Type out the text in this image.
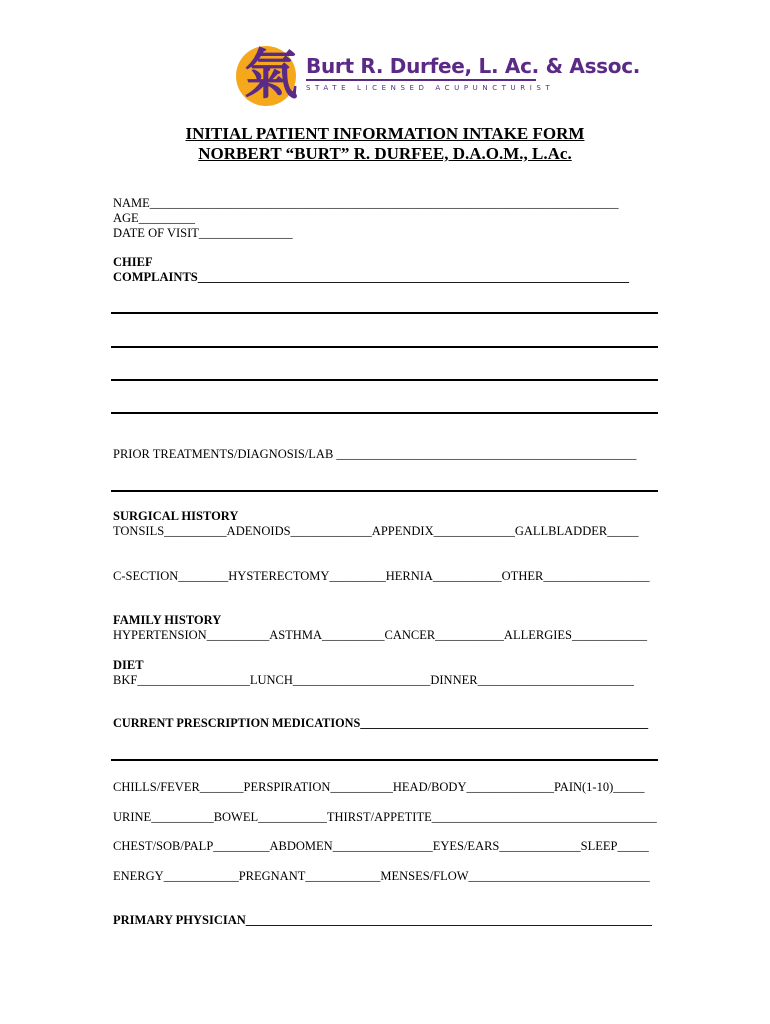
氣 Burt R. Durfee, L. Ac. & Assoc.
STATE LICENSED ACUPUNCTURIST
INITIAL PATIENT INFORMATION INTAKE FORM
NORBERT “BURT” R. DURFEE, D.A.O.M., L.Ac.
NAME___________________________________________________________________________
AGE_________
DATE OF VISIT_______________
CHIEF
COMPLAINTS_____________________________________________________________________
PRIOR TREATMENTS/DIAGNOSIS/LAB ________________________________________________
SURGICAL HISTORY
TONSILS__________ADENOIDS_____________APPENDIX_____________GALLBLADDER_____
C-SECTION________HYSTERECTOMY_________HERNIA___________OTHER_________________
FAMILY HISTORY
HYPERTENSION__________ASTHMA__________CANCER___________ALLERGIES____________
DIET
BKF__________________LUNCH______________________DINNER_________________________
CURRENT PRESCRIPTION MEDICATIONS_______________________________________________
CHILLS/FEVER_______PERSPIRATION__________HEAD/BODY______________PAIN(1-10)_____
URINE__________BOWEL___________THIRST/APPETITE____________________________________
CHEST/SOB/PALP_________ABDOMEN________________EYES/EARS_____________SLEEP_____
ENERGY____________PREGNANT____________MENSES/FLOW_____________________________
PRIMARY PHYSICIAN_________________________________________________________________
